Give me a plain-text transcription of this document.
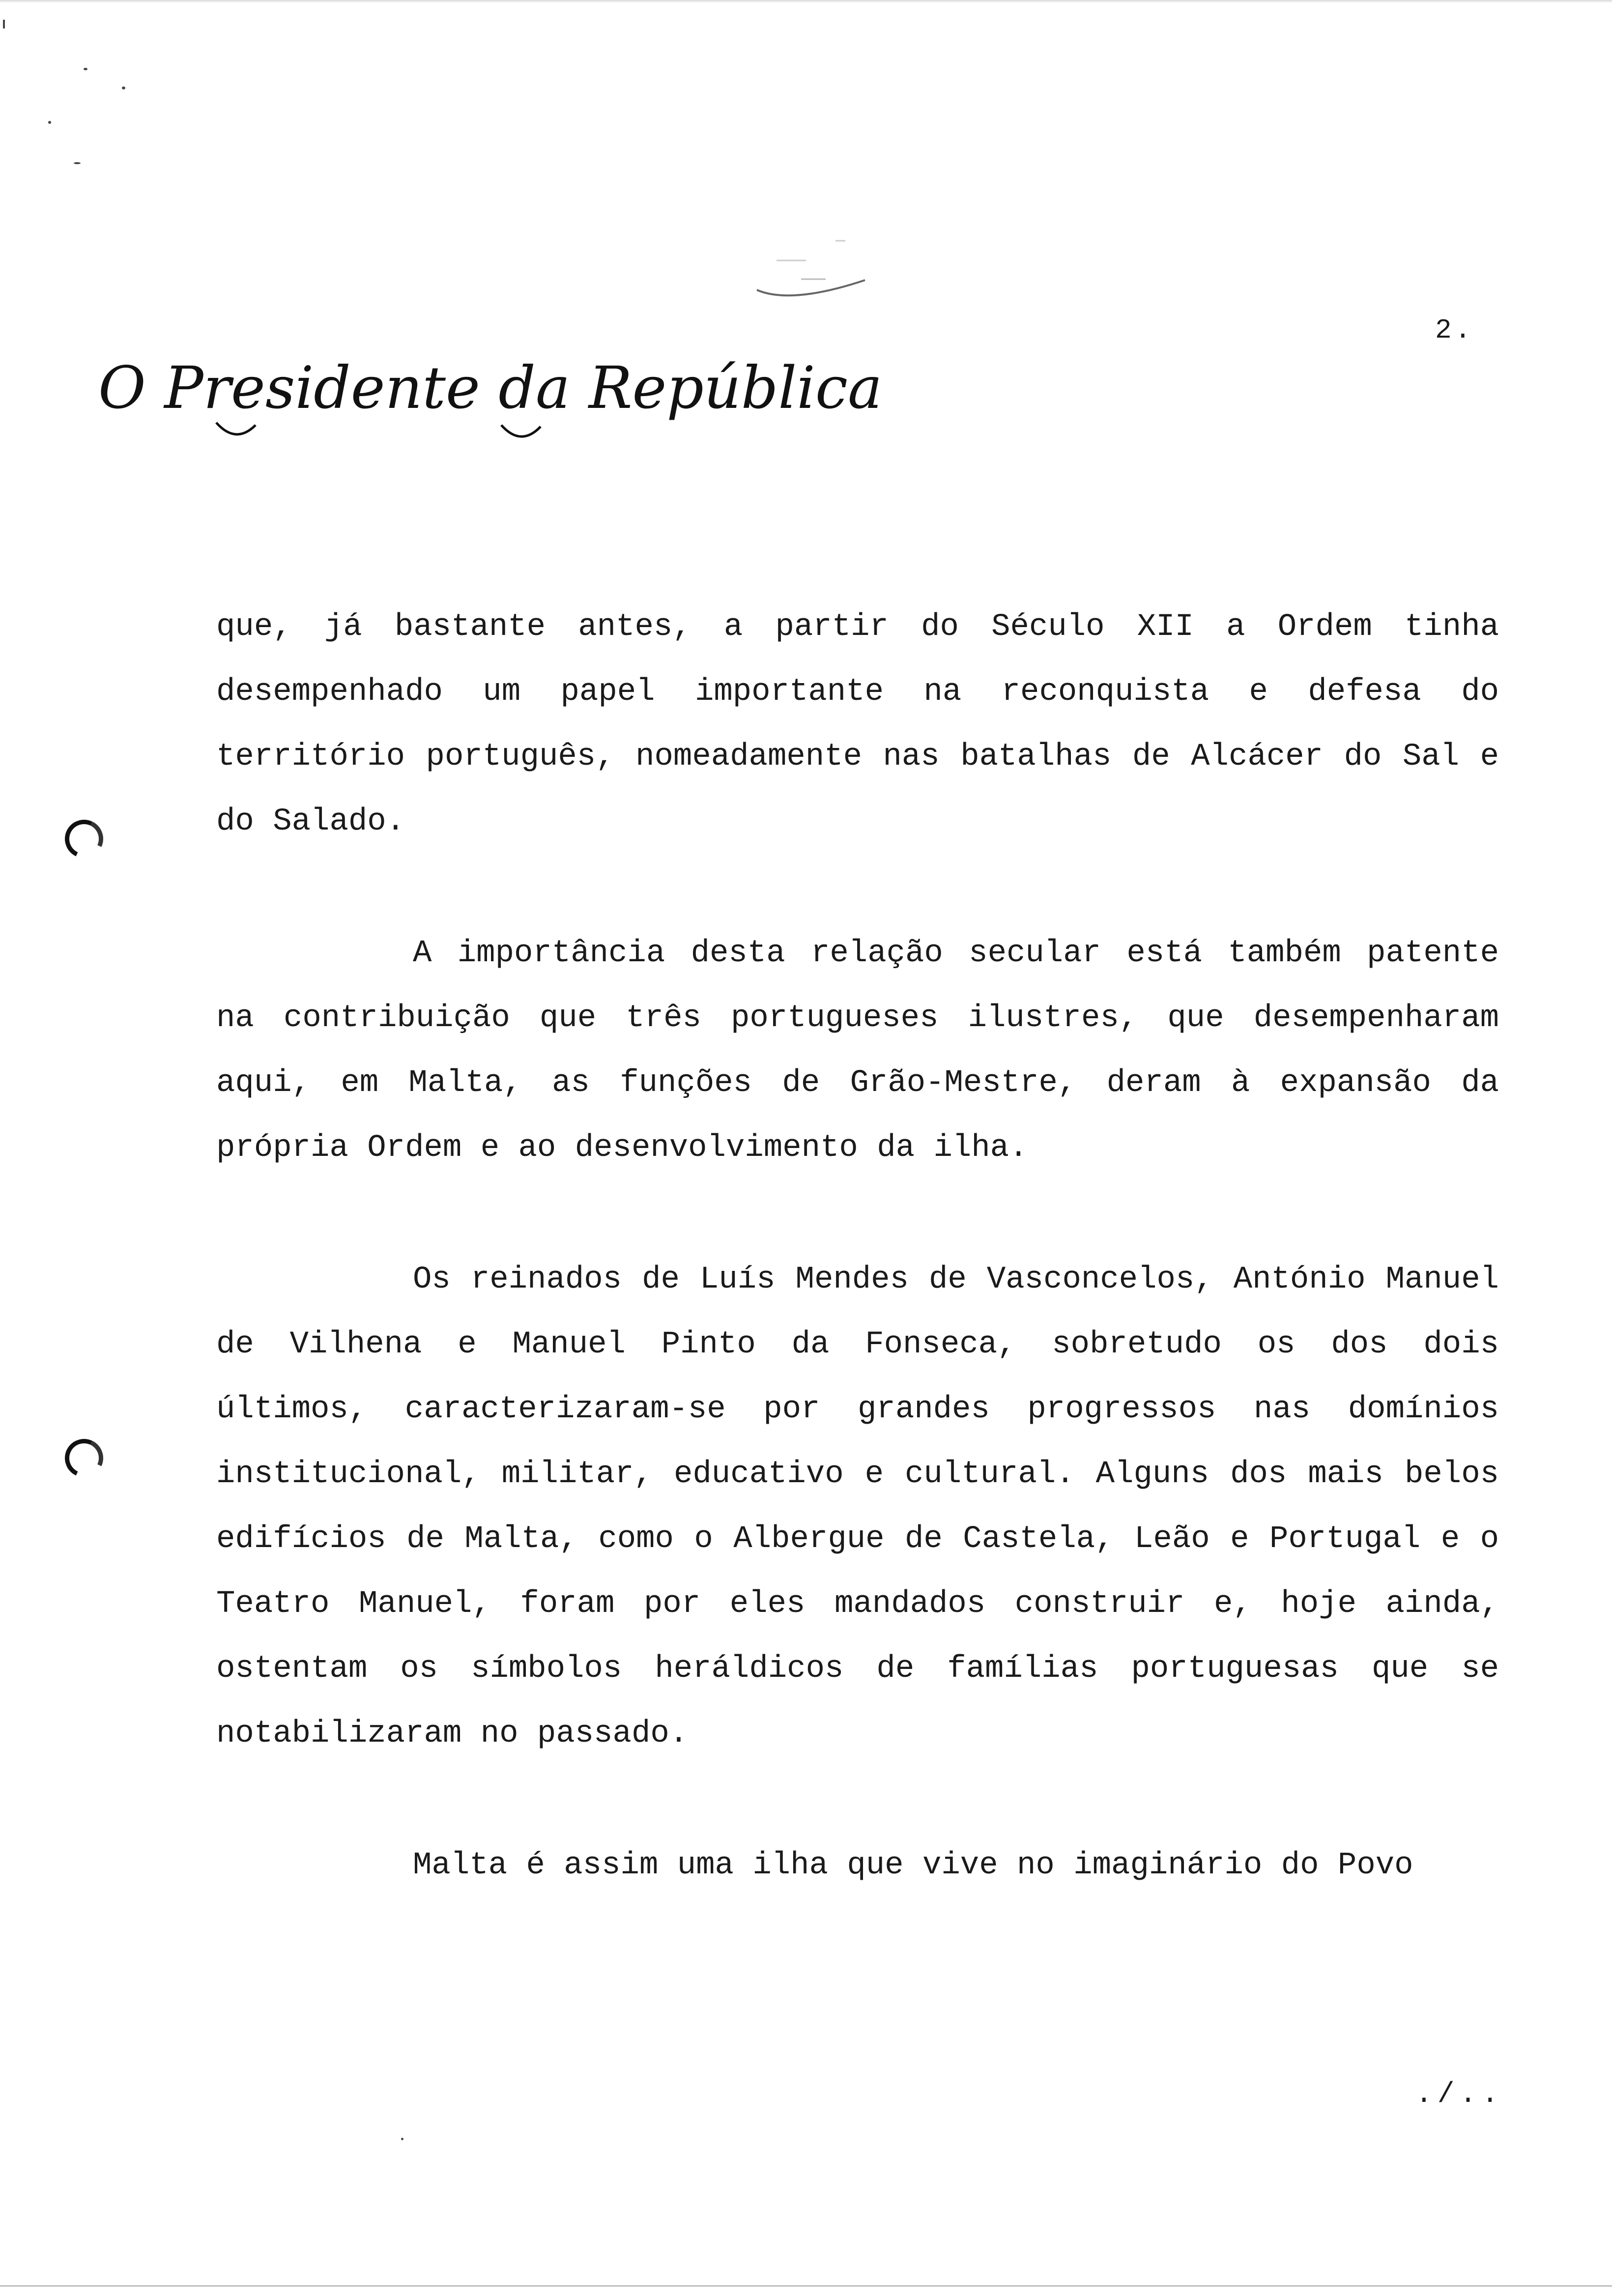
2.
O Presidente da República

que, já bastante antes, a partir do Século XII a Ordem tinha desempenhado um papel importante na reconquista e defesa do território português, nomeadamente nas batalhas de Alcácer do Sal e do Salado.

A importância desta relação secular está também patente na contribuição que três portugueses ilustres, que desempenharam aqui, em Malta, as funções de Grão-Mestre, deram à expansão da própria Ordem e ao desenvolvimento da ilha.

Os reinados de Luís Mendes de Vasconcelos, António Manuel de Vilhena e Manuel Pinto da Fonseca, sobretudo os dos dois últimos, caracterizaram-se por grandes progressos nas domínios institucional, militar, educativo e cultural. Alguns dos mais belos edifícios de Malta, como o Albergue de Castela, Leão e Portugal e o Teatro Manuel, foram por eles mandados construir e, hoje ainda, ostentam os símbolos heráldicos de famílias portuguesas que se notabilizaram no passado.

Malta é assim uma ilha que vive no imaginário do Povo

./..
